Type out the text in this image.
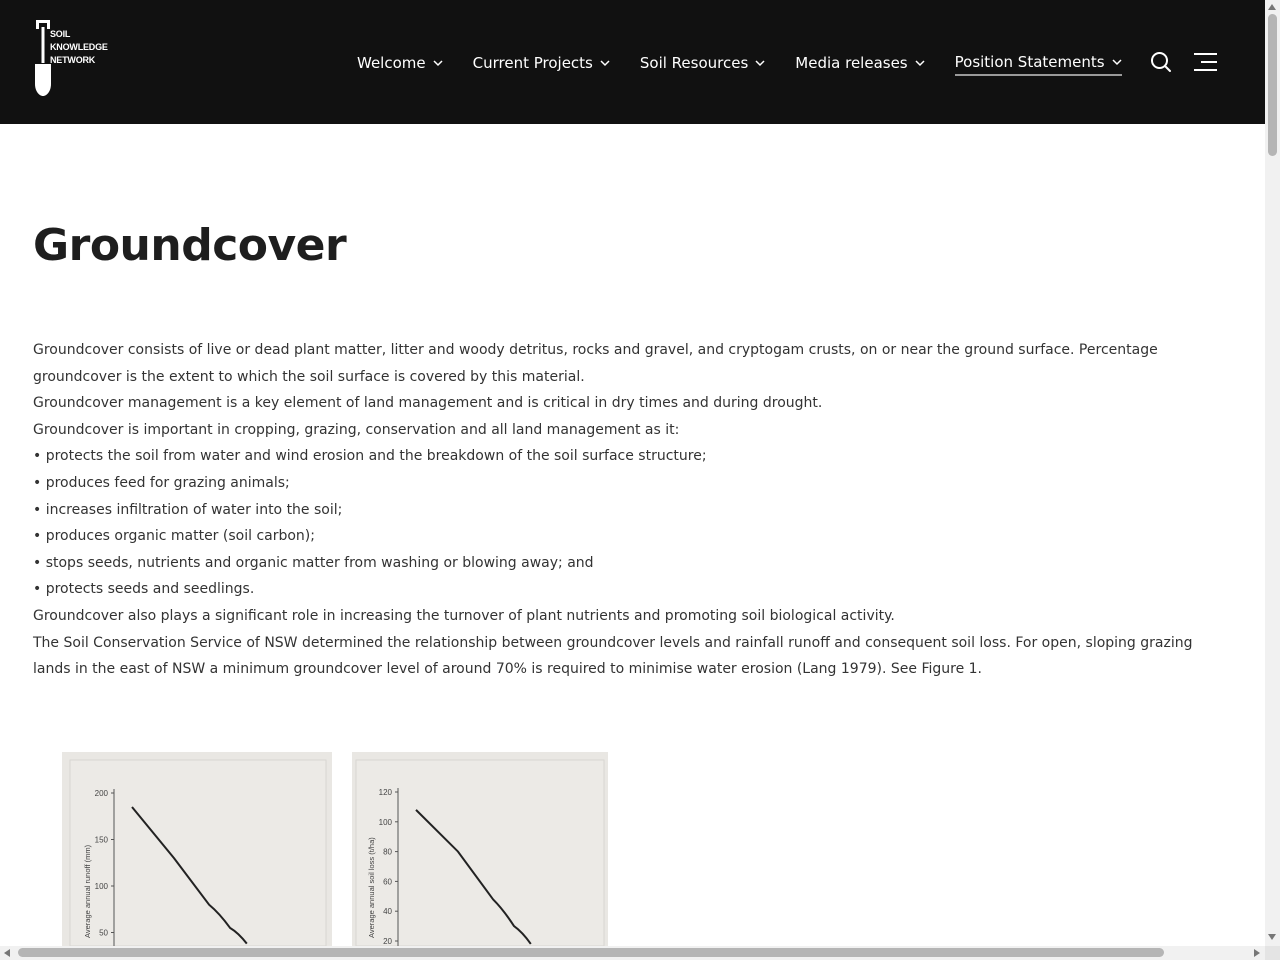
SOIL
KNOWLEDGE
NETWORK	Welcome	Current Projects	Soil Resources	Media releases	Position Statements
Groundcover

Groundcover consists of live or dead plant matter, litter and woody detritus, rocks and gravel, and cryptogam crusts, on or near the ground surface. Percentage groundcover is the extent to which the soil surface is covered by this material.

Groundcover management is a key element of land management and is critical in dry times and during drought.

Groundcover is important in cropping, grazing, conservation and all land management as it:

• protects the soil from water and wind erosion and the breakdown of the soil surface structure;

• produces feed for grazing animals;

• increases infiltration of water into the soil;

• produces organic matter (soil carbon);

• stops seeds, nutrients and organic matter from washing or blowing away; and

• protects seeds and seedlings.

Groundcover also plays a significant role in increasing the turnover of plant nutrients and promoting soil biological activity.

The Soil Conservation Service of NSW determined the relationship between groundcover levels and rainfall runoff and consequent soil loss. For open, sloping grazing lands in the east of NSW a minimum groundcover level of around 70% is required to minimise water erosion (Lang 1979). See Figure 1.

200
150
100
50
Average annual runoff (mm)
120
100
80
60
40
20
Average annual soil loss (t/ha)
